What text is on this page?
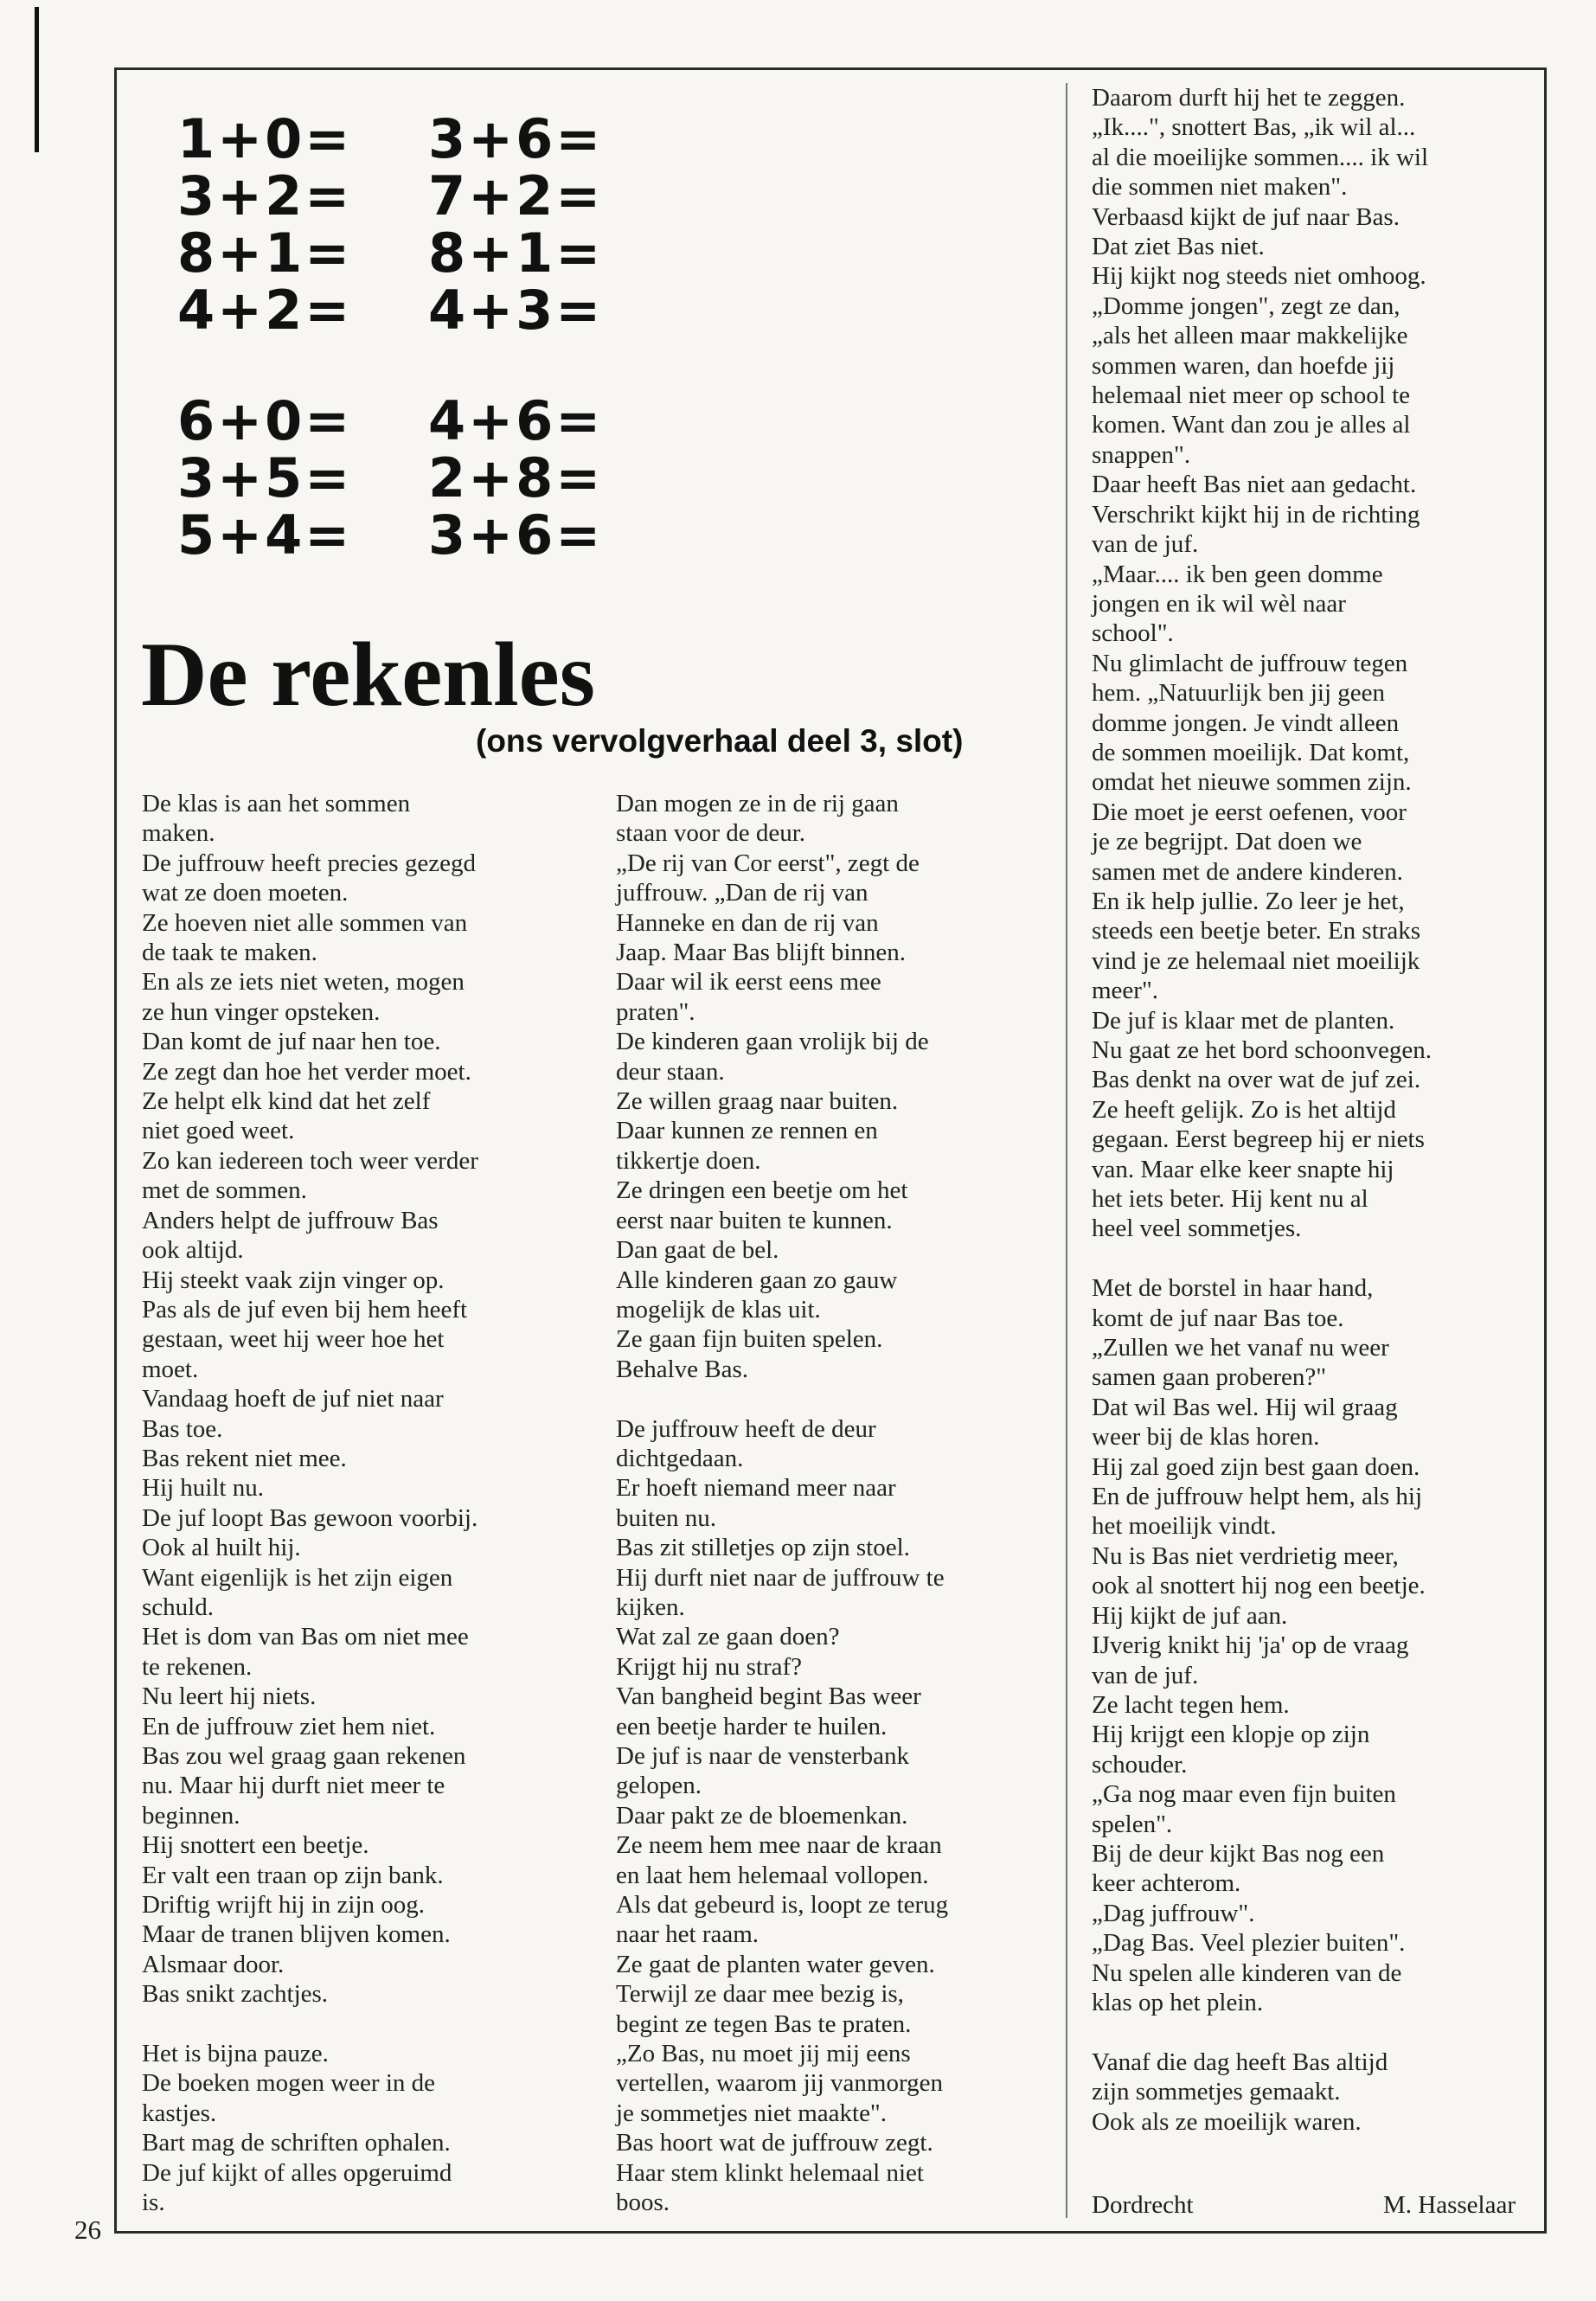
26
1+0=	3+6=
3+2=	7+2=
8+1=	8+1=
4+2=	4+3=
6+0=	4+6=
3+5=	2+8=
5+4=	3+6=
De rekenles
(ons vervolgverhaal deel 3, slot)

De klas is aan het sommen

maken.

De juffrouw heeft precies gezegd

wat ze doen moeten.

Ze hoeven niet alle sommen van

de taak te maken.

En als ze iets niet weten, mogen

ze hun vinger opsteken.

Dan komt de juf naar hen toe.

Ze zegt dan hoe het verder moet.

Ze helpt elk kind dat het zelf

niet goed weet.

Zo kan iedereen toch weer verder

met de sommen.

Anders helpt de juffrouw Bas

ook altijd.

Hij steekt vaak zijn vinger op.

Pas als de juf even bij hem heeft

gestaan, weet hij weer hoe het

moet.

Vandaag hoeft de juf niet naar

Bas toe.

Bas rekent niet mee.

Hij huilt nu.

De juf loopt Bas gewoon voorbij.

Ook al huilt hij.

Want eigenlijk is het zijn eigen

schuld.

Het is dom van Bas om niet mee

te rekenen.

Nu leert hij niets.

En de juffrouw ziet hem niet.

Bas zou wel graag gaan rekenen

nu. Maar hij durft niet meer te

beginnen.

Hij snottert een beetje.

Er valt een traan op zijn bank.

Driftig wrijft hij in zijn oog.

Maar de tranen blijven komen.

Alsmaar door.

Bas snikt zachtjes.

Het is bijna pauze.

De boeken mogen weer in de

kastjes.

Bart mag de schriften ophalen.

De juf kijkt of alles opgeruimd

is.

Dan mogen ze in de rij gaan

staan voor de deur.

„De rij van Cor eerst", zegt de

juffrouw. „Dan de rij van

Hanneke en dan de rij van

Jaap. Maar Bas blijft binnen.

Daar wil ik eerst eens mee

praten".

De kinderen gaan vrolijk bij de

deur staan.

Ze willen graag naar buiten.

Daar kunnen ze rennen en

tikkertje doen.

Ze dringen een beetje om het

eerst naar buiten te kunnen.

Dan gaat de bel.

Alle kinderen gaan zo gauw

mogelijk de klas uit.

Ze gaan fijn buiten spelen.

Behalve Bas.

De juffrouw heeft de deur

dichtgedaan.

Er hoeft niemand meer naar

buiten nu.

Bas zit stilletjes op zijn stoel.

Hij durft niet naar de juffrouw te

kijken.

Wat zal ze gaan doen?

Krijgt hij nu straf?

Van bangheid begint Bas weer

een beetje harder te huilen.

De juf is naar de vensterbank

gelopen.

Daar pakt ze de bloemenkan.

Ze neem hem mee naar de kraan

en laat hem helemaal vollopen.

Als dat gebeurd is, loopt ze terug

naar het raam.

Ze gaat de planten water geven.

Terwijl ze daar mee bezig is,

begint ze tegen Bas te praten.

„Zo Bas, nu moet jij mij eens

vertellen, waarom jij vanmorgen

je sommetjes niet maakte".

Bas hoort wat de juffrouw zegt.

Haar stem klinkt helemaal niet

boos.

Daarom durft hij het te zeggen.

„Ik....", snottert Bas, „ik wil al...

al die moeilijke sommen.... ik wil

die sommen niet maken".

Verbaasd kijkt de juf naar Bas.

Dat ziet Bas niet.

Hij kijkt nog steeds niet omhoog.

„Domme jongen", zegt ze dan,

„als het alleen maar makkelijke

sommen waren, dan hoefde jij

helemaal niet meer op school te

komen. Want dan zou je alles al

snappen".

Daar heeft Bas niet aan gedacht.

Verschrikt kijkt hij in de richting

van de juf.

„Maar.... ik ben geen domme

jongen en ik wil wèl naar

school".

Nu glimlacht de juffrouw tegen

hem. „Natuurlijk ben jij geen

domme jongen. Je vindt alleen

de sommen moeilijk. Dat komt,

omdat het nieuwe sommen zijn.

Die moet je eerst oefenen, voor

je ze begrijpt. Dat doen we

samen met de andere kinderen.

En ik help jullie. Zo leer je het,

steeds een beetje beter. En straks

vind je ze helemaal niet moeilijk

meer".

De juf is klaar met de planten.

Nu gaat ze het bord schoonvegen.

Bas denkt na over wat de juf zei.

Ze heeft gelijk. Zo is het altijd

gegaan. Eerst begreep hij er niets

van. Maar elke keer snapte hij

het iets beter. Hij kent nu al

heel veel sommetjes.

Met de borstel in haar hand,

komt de juf naar Bas toe.

„Zullen we het vanaf nu weer

samen gaan proberen?"

Dat wil Bas wel. Hij wil graag

weer bij de klas horen.

Hij zal goed zijn best gaan doen.

En de juffrouw helpt hem, als hij

het moeilijk vindt.

Nu is Bas niet verdrietig meer,

ook al snottert hij nog een beetje.

Hij kijkt de juf aan.

IJverig knikt hij 'ja' op de vraag

van de juf.

Ze lacht tegen hem.

Hij krijgt een klopje op zijn

schouder.

„Ga nog maar even fijn buiten

spelen".

Bij de deur kijkt Bas nog een

keer achterom.

„Dag juffrouw".

„Dag Bas. Veel plezier buiten".

Nu spelen alle kinderen van de

klas op het plein.

Vanaf die dag heeft Bas altijd

zijn sommetjes gemaakt.

Ook als ze moeilijk waren.

Dordrecht	M. Hasselaar
